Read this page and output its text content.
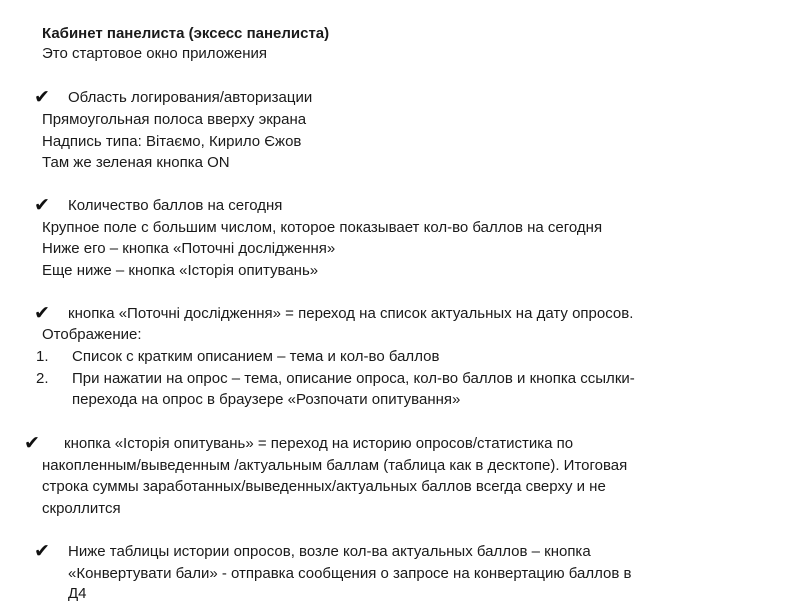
Кабинет панелиста (эксесс панелиста)
Это стартовое окно приложения
✔ Область логирования/авторизации
Прямоугольная полоса вверху экрана
Надпись типа: Вітаємо, Кирило Єжов
Там же зеленая кнопка ON
✔ Количество баллов на сегодня
Крупное поле с большим числом, которое показывает кол-во баллов на сегодня
Ниже его – кнопка «Поточні дослідження»
Еще ниже – кнопка «Історія опитувань»
✔ кнопка «Поточні дослідження» = переход на список актуальных на дату опросов.
Отображение:
1. Список с кратким описанием – тема и кол-во баллов
2. При нажатии на опрос – тема, описание опроса, кол-во баллов и кнопка ссылки-
перехода на опрос в браузере «Розпочати опитування»
✔ кнопка «Історія опитувань» = переход на историю опросов/статистика по
накопленным/выведенным /актуальным баллам (таблица как в десктопе). Итоговая
строка суммы заработанных/выведенных/актуальных баллов всегда сверху и не
скроллится
✔ Ниже таблицы истории опросов, возле кол-ва актуальных баллов – кнопка
«Конвертувати бали» - отправка сообщения о запросе на конвертацию баллов в
Д4
